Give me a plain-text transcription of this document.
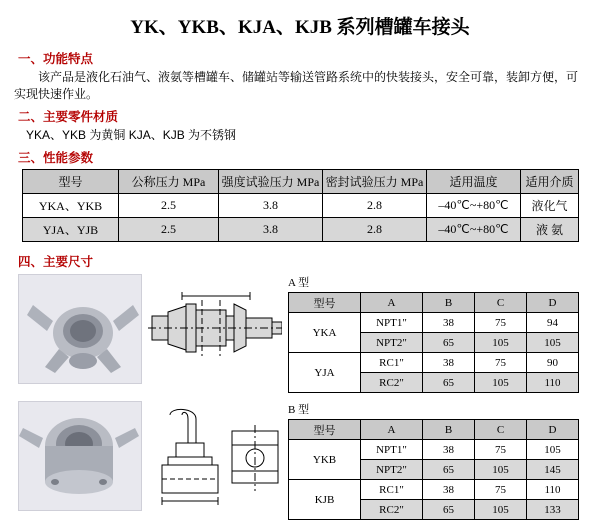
YK、YKB、KJA、KJB 系列槽罐车接头
一、功能特点
该产品是液化石油气、液氨等槽罐车、储罐站等输送管路系统中的快装接头，安全可靠，装卸方便，可实现快速作业。
二、主要零件材质
YKA、YKB 为黄铜 KJA、KJB 为不锈钢
三、性能参数
型号	公称压力 MPa	强度试验压力 MPa	密封试验压力 MPa	适用温度	适用介质
YKA、YKB	2.5	3.8	2.8	–40℃~+80℃	液化气
YJA、YJB	2.5	3.8	2.8	–40℃~+80℃	液 氨
四、主要尺寸
A 型
型号	A	B	C	D
YKA	NPT1"	38	75	94
	NPT2"	65	105	105
YJA	RC1"	38	75	90
	RC2"	65	105	110
B 型
型号	A	B	C	D
YKB	NPT1"	38	75	105
	NPT2"	65	105	145
KJB	RC1"	38	75	110
	RC2"	65	105	133
